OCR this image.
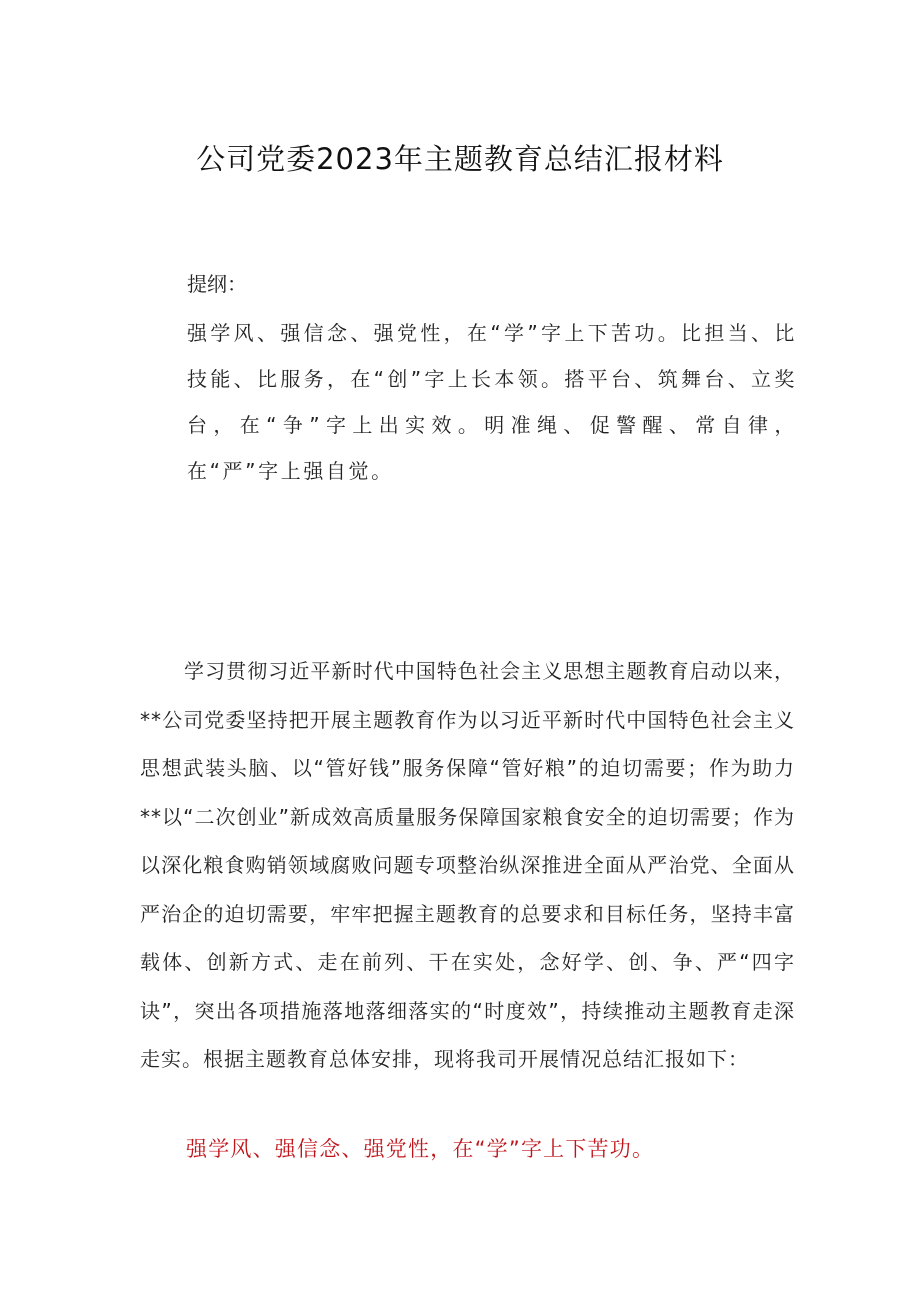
公司党委2023年主题教育总结汇报材料
提纲：
强学风、强信念、强党性，在“学”字上下苦功。比担当、比技能、比服务，在“创”字上长本领。搭平台、筑舞台、立奖台，在“争”字上出实效。明准绳、促警醒、常自律，在“严”字上强自觉。
学习贯彻习近平新时代中国特色社会主义思想主题教育启动以来，**公司党委坚持把开展主题教育作为以习近平新时代中国特色社会主义思想武装头脑、以“管好钱”服务保障“管好粮”的迫切需要；作为助力**以“二次创业”新成效高质量服务保障国家粮食安全的迫切需要；作为以深化粮食购销领域腐败问题专项整治纵深推进全面从严治党、全面从严治企的迫切需要，牢牢把握主题教育的总要求和目标任务，坚持丰富载体、创新方式、走在前列、干在实处，念好学、创、争、严“四字诀”，突出各项措施落地落细落实的“时度效”，持续推动主题教育走深走实。根据主题教育总体安排，现将我司开展情况总结汇报如下：
强学风、强信念、强党性，在“学”字上下苦功。
